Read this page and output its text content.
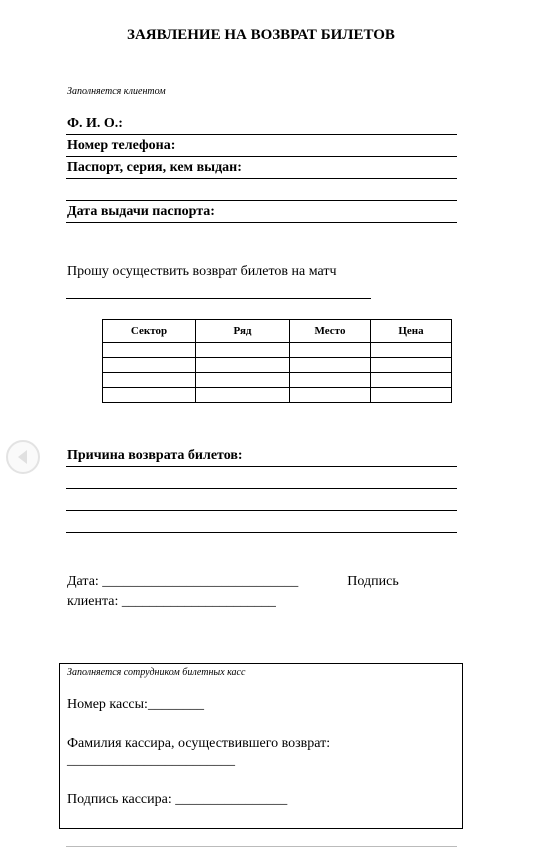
ЗАЯВЛЕНИЕ НА ВОЗВРАТ БИЛЕТОВ
Заполняется клиентом
Ф. И. О.:
Номер телефона:
Паспорт, серия, кем выдан:
Дата выдачи паспорта:
Прошу осуществить возврат билетов на матч
Сектор	Ряд	Место	Цена

Причина возврата билетов:
Дата: ____________________________              Подпись
клиента: ______________________
Заполняется сотрудником билетных касс
Номер кассы:________
Фамилия кассира, осуществившего возврат:
________________________
Подпись кассира: ________________
